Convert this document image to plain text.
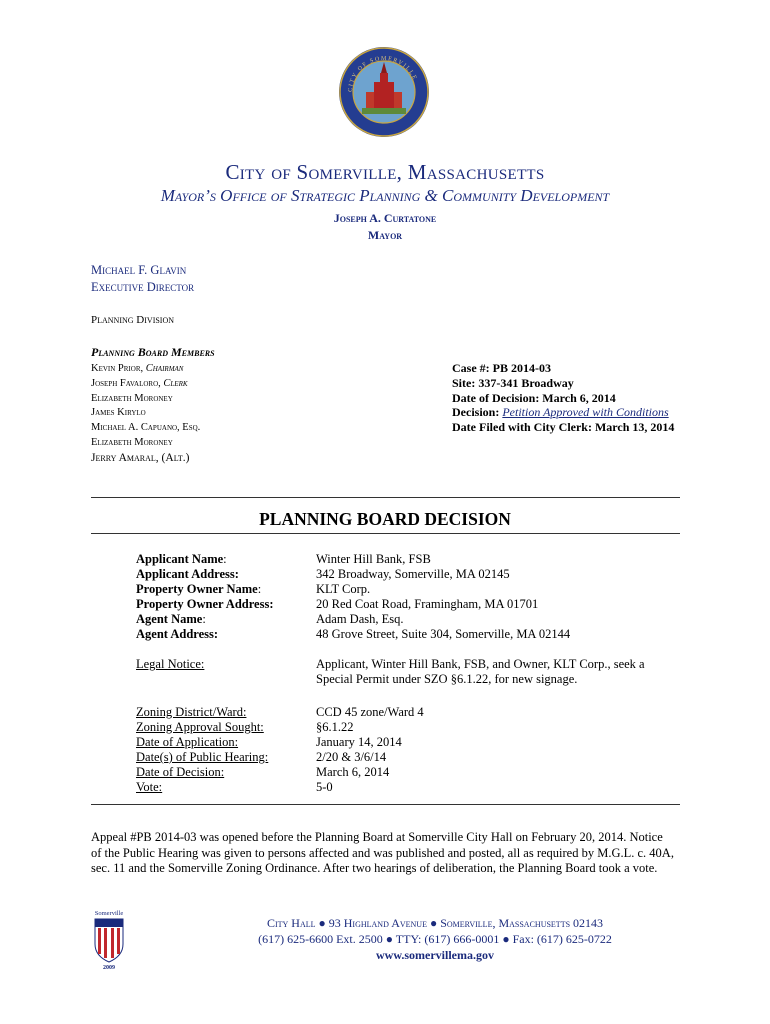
CITY OF SOMERVILLE
City of Somerville, Massachusetts
Mayor’s Office of Strategic Planning & Community Development
Joseph A. Curtatone
Mayor
Michael F. Glavin
Executive Director
Planning Division
Planning Board Members
Kevin Prior, Chairman
Joseph Favaloro, Clerk
Elizabeth Moroney
James Kirylo
Michael A. Capuano, Esq.
Elizabeth Moroney
Jerry Amaral, (Alt.)
Case #: PB 2014-03
Site: 337-341 Broadway
Date of Decision: March 6, 2014
Decision: Petition Approved with Conditions
Date Filed with City Clerk: March 13, 2014
PLANNING BOARD DECISION
Applicant Name:	Winter Hill Bank, FSB
Applicant Address:	342 Broadway, Somerville, MA 02145
Property Owner Name:	KLT Corp.
Property Owner Address:	20 Red Coat Road, Framingham, MA 01701
Agent Name:	Adam Dash, Esq.
Agent Address:	48 Grove Street, Suite 304, Somerville, MA 02144
Legal Notice:	Applicant, Winter Hill Bank, FSB, and Owner, KLT Corp., seek a
Special Permit under SZO §6.1.22, for new signage.
Zoning District/Ward:	CCD 45 zone/Ward 4
Zoning Approval Sought:	§6.1.22
Date of Application:	January 14, 2014
Date(s) of Public Hearing:	2/20 & 3/6/14
Date of Decision:	March 6, 2014
Vote:	5-0
Appeal #PB 2014-03 was opened before the Planning Board at Somerville City Hall on February 20, 2014. Notice
of the Public Hearing was given to persons affected and was published and posted, all as required by M.G.L. c. 40A,
sec. 11 and the Somerville Zoning Ordinance. After two hearings of deliberation, the Planning Board took a vote.
Somerville
2009
City Hall ● 93 Highland Avenue ● Somerville, Massachusetts 02143
(617) 625-6600 Ext. 2500 ● TTY: (617) 666-0001 ● Fax: (617) 625-0722
www.somervillema.gov
